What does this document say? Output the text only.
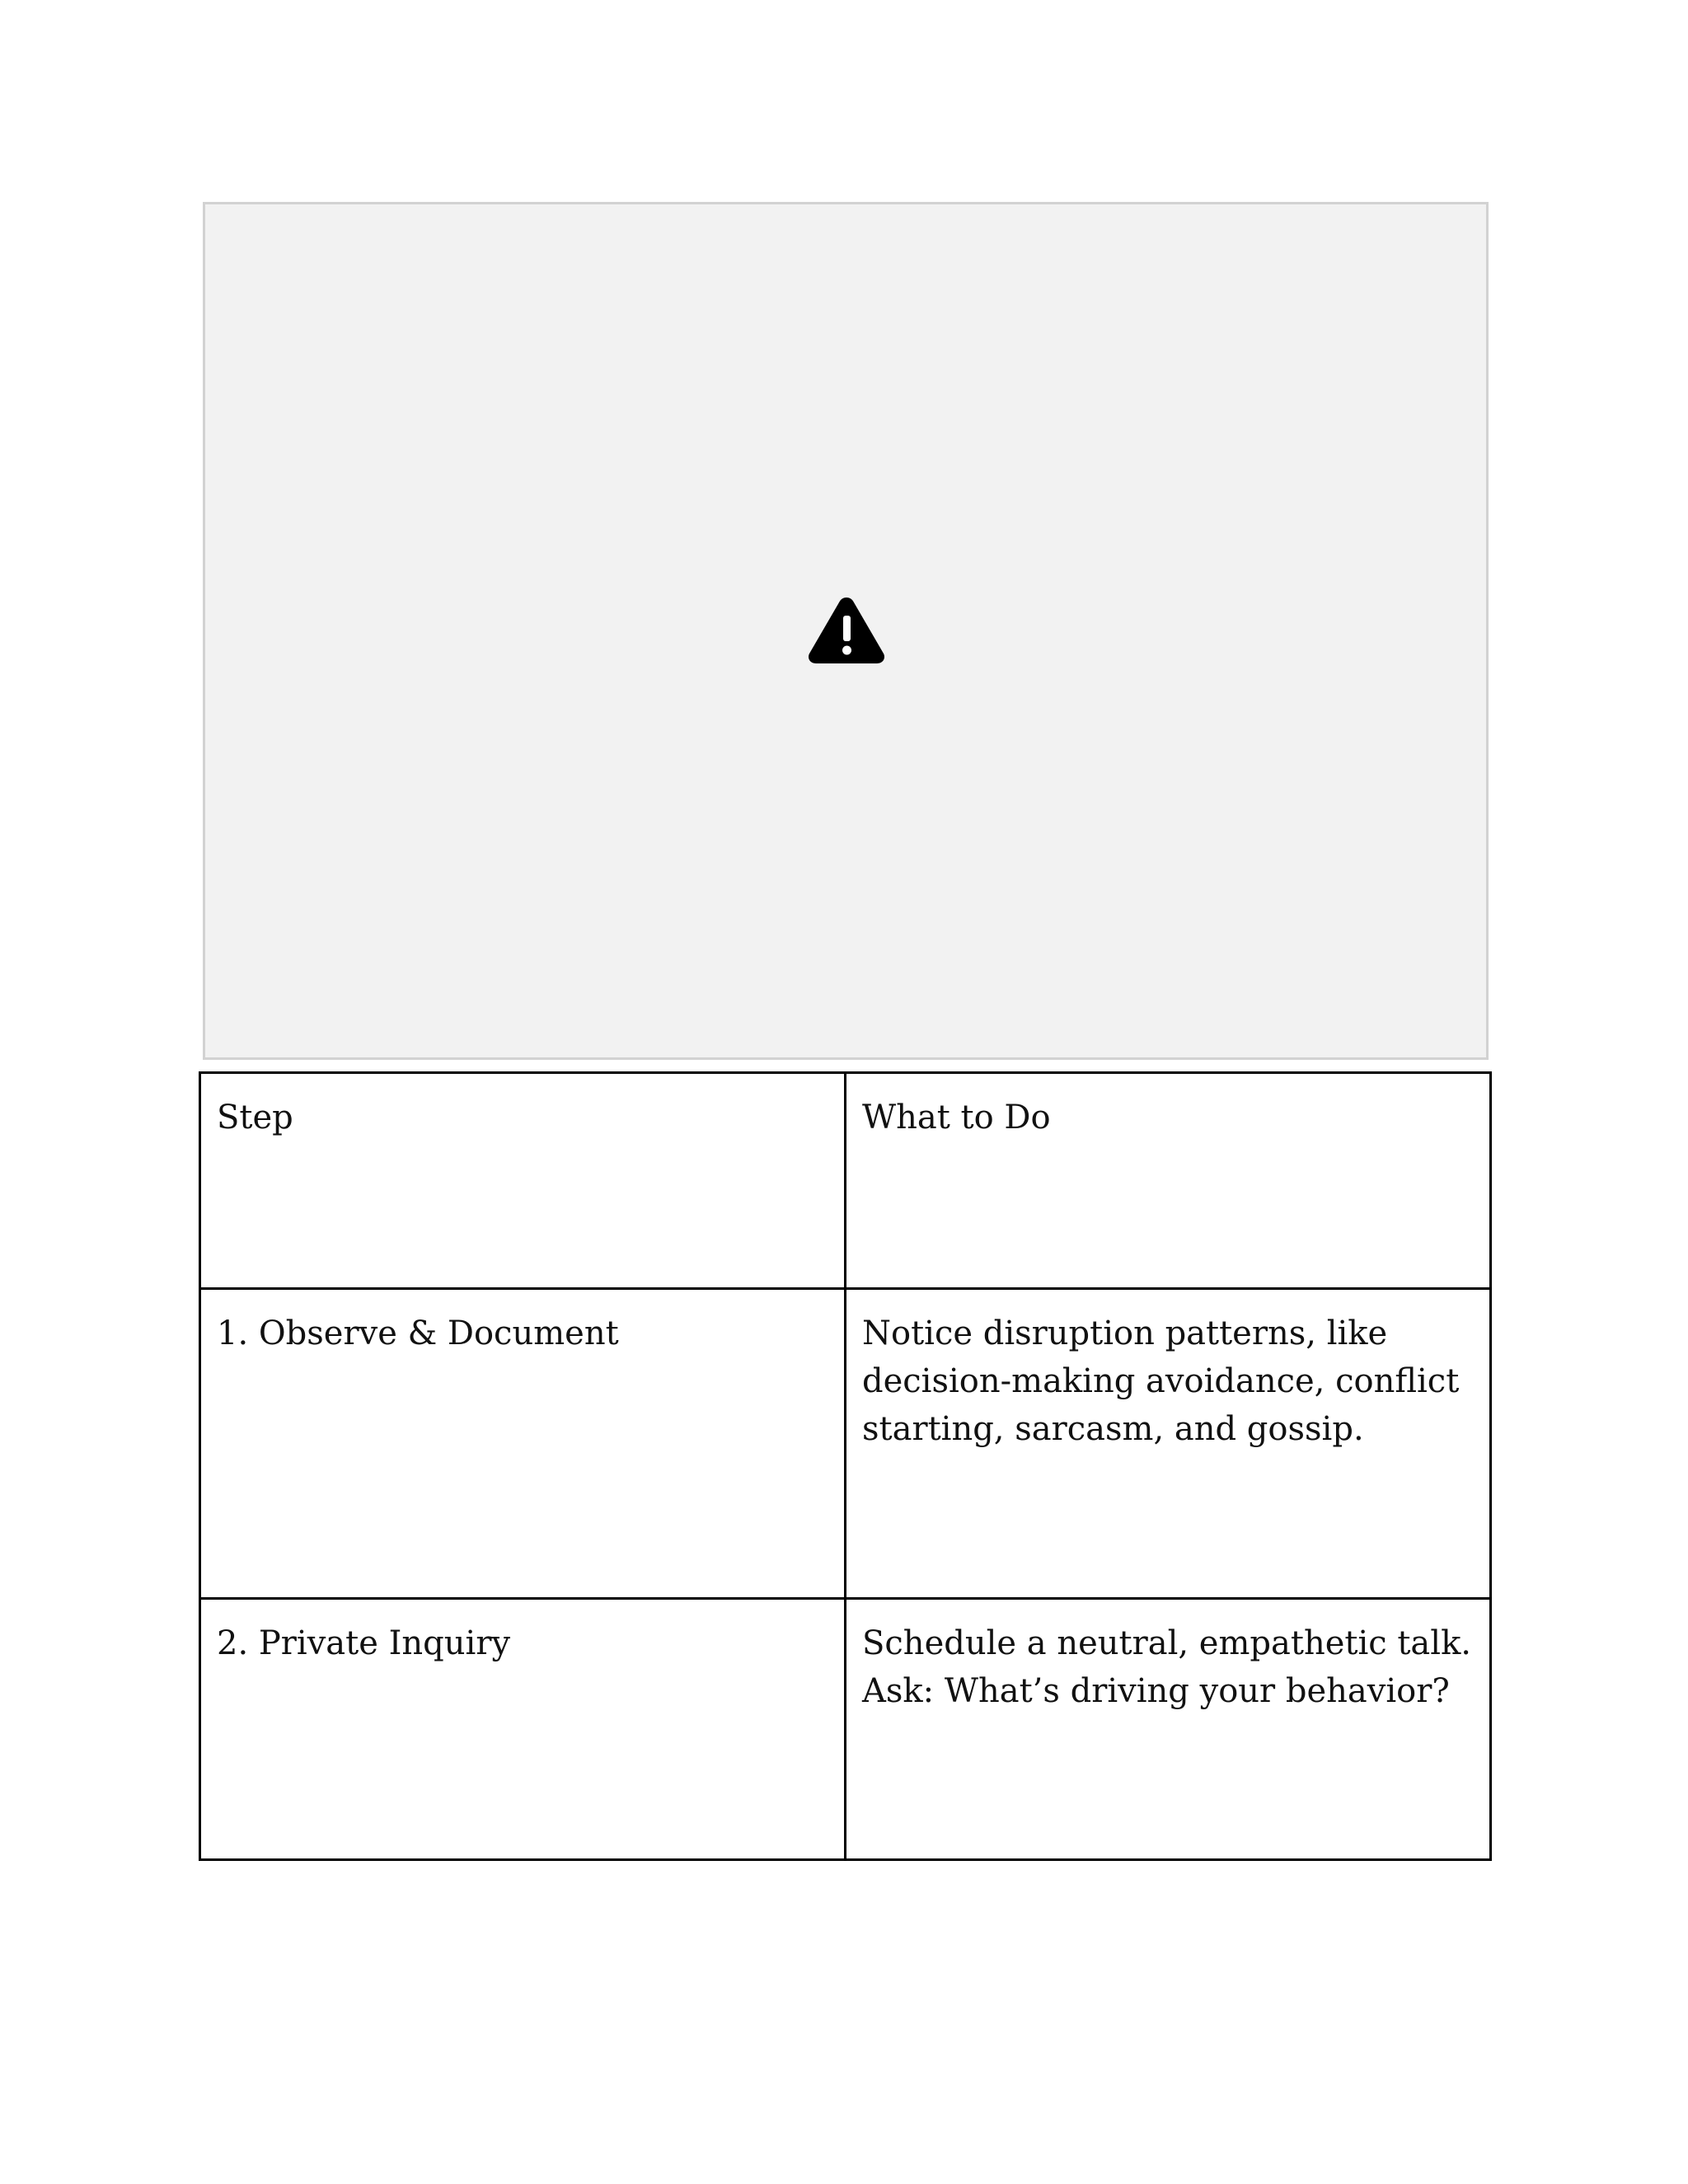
Step	What to Do
1. Observe & Document	Notice disruption patterns, like decision-making avoidance, conflict starting, sarcasm, and gossip.
2. Private Inquiry	Schedule a neutral, empathetic talk. Ask: What’s driving your behavior?
